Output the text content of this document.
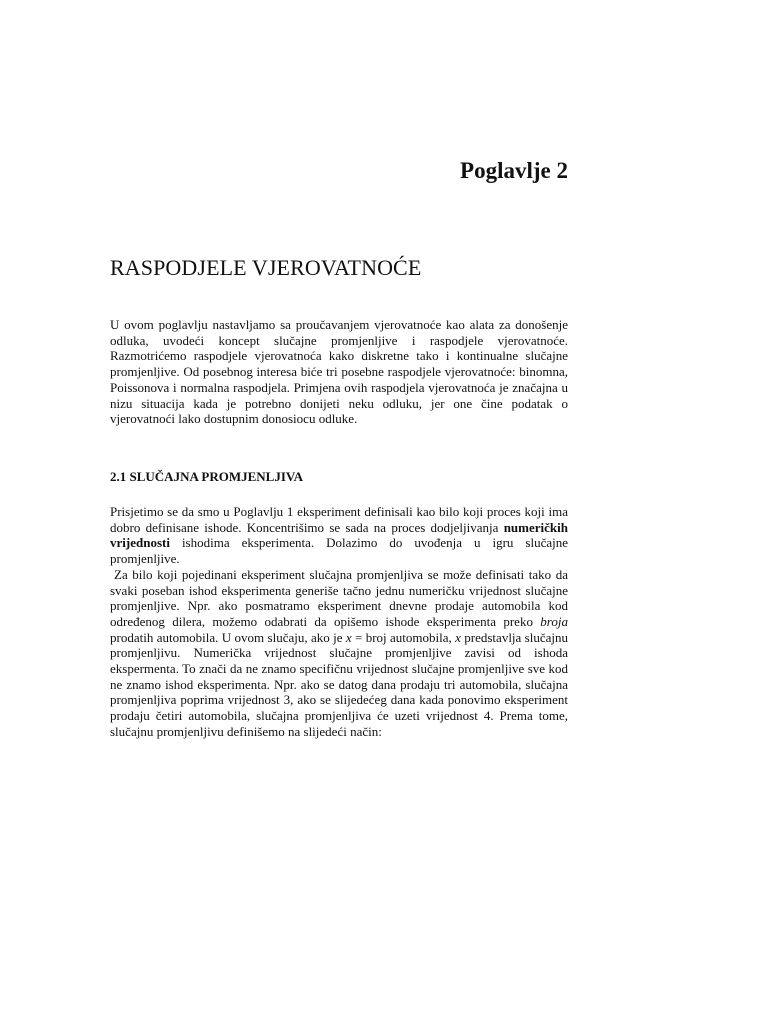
Poglavlje 2
RASPODJELE VJEROVATNOĆE

U ovom poglavlju nastavljamo sa proučavanjem vjerovatnoće kao alata za donošenje odluka, uvodeći koncept slučajne promjenljive i raspodjele vjerovatnoće. Razmotrićemo raspodjele vjerovatnoća kako diskretne tako i kontinualne slučajne promjenljive. Od posebnog interesa biće tri posebne raspodjele vjerovatnoće: binomna, Poissonova i normalna raspodjela. Primjena ovih raspodjela vjerovatnoća je značajna u nizu situacija kada je potrebno donijeti neku odluku, jer one čine podatak o vjerovatnoći lako dostupnim donosiocu odluke.

2.1 SLUČAJNA PROMJENLJIVA

Prisjetimo se da smo u Poglavlju 1 eksperiment definisali kao bilo koji proces koji ima dobro definisane ishode. Koncentrišimo se sada na proces dodjeljivanja numeričkih vrijednosti ishodima eksperimenta. Dolazimo do uvođenja u igru slučajne promjenljive.

Za bilo koji pojedinani eksperiment slučajna promjenljiva se može definisati tako da svaki poseban ishod eksperimenta generiše tačno jednu numeričku vrijednost slučajne promjenljive. Npr. ako posmatramo eksperiment dnevne prodaje automobila kod određenog dilera, možemo odabrati da opišemo ishode eksperimenta preko broja prodatih automobila. U ovom slučaju, ako je x = broj automobila, x predstavlja slučajnu promjenljivu. Numerička vrijednost slučajne promjenljive zavisi od ishoda ekspermenta. To znači da ne znamo specifičnu vrijednost slučajne promjenljive sve kod ne znamo ishod eksperimenta. Npr. ako se datog dana prodaju tri automobila, slučajna promjenljiva poprima vrijednost 3, ako se slijedećeg dana kada ponovimo eksperiment prodaju četiri automobila, slučajna promjenljiva će uzeti vrijednost 4. Prema tome, slučajnu promjenljivu definišemo na slijedeći način:
